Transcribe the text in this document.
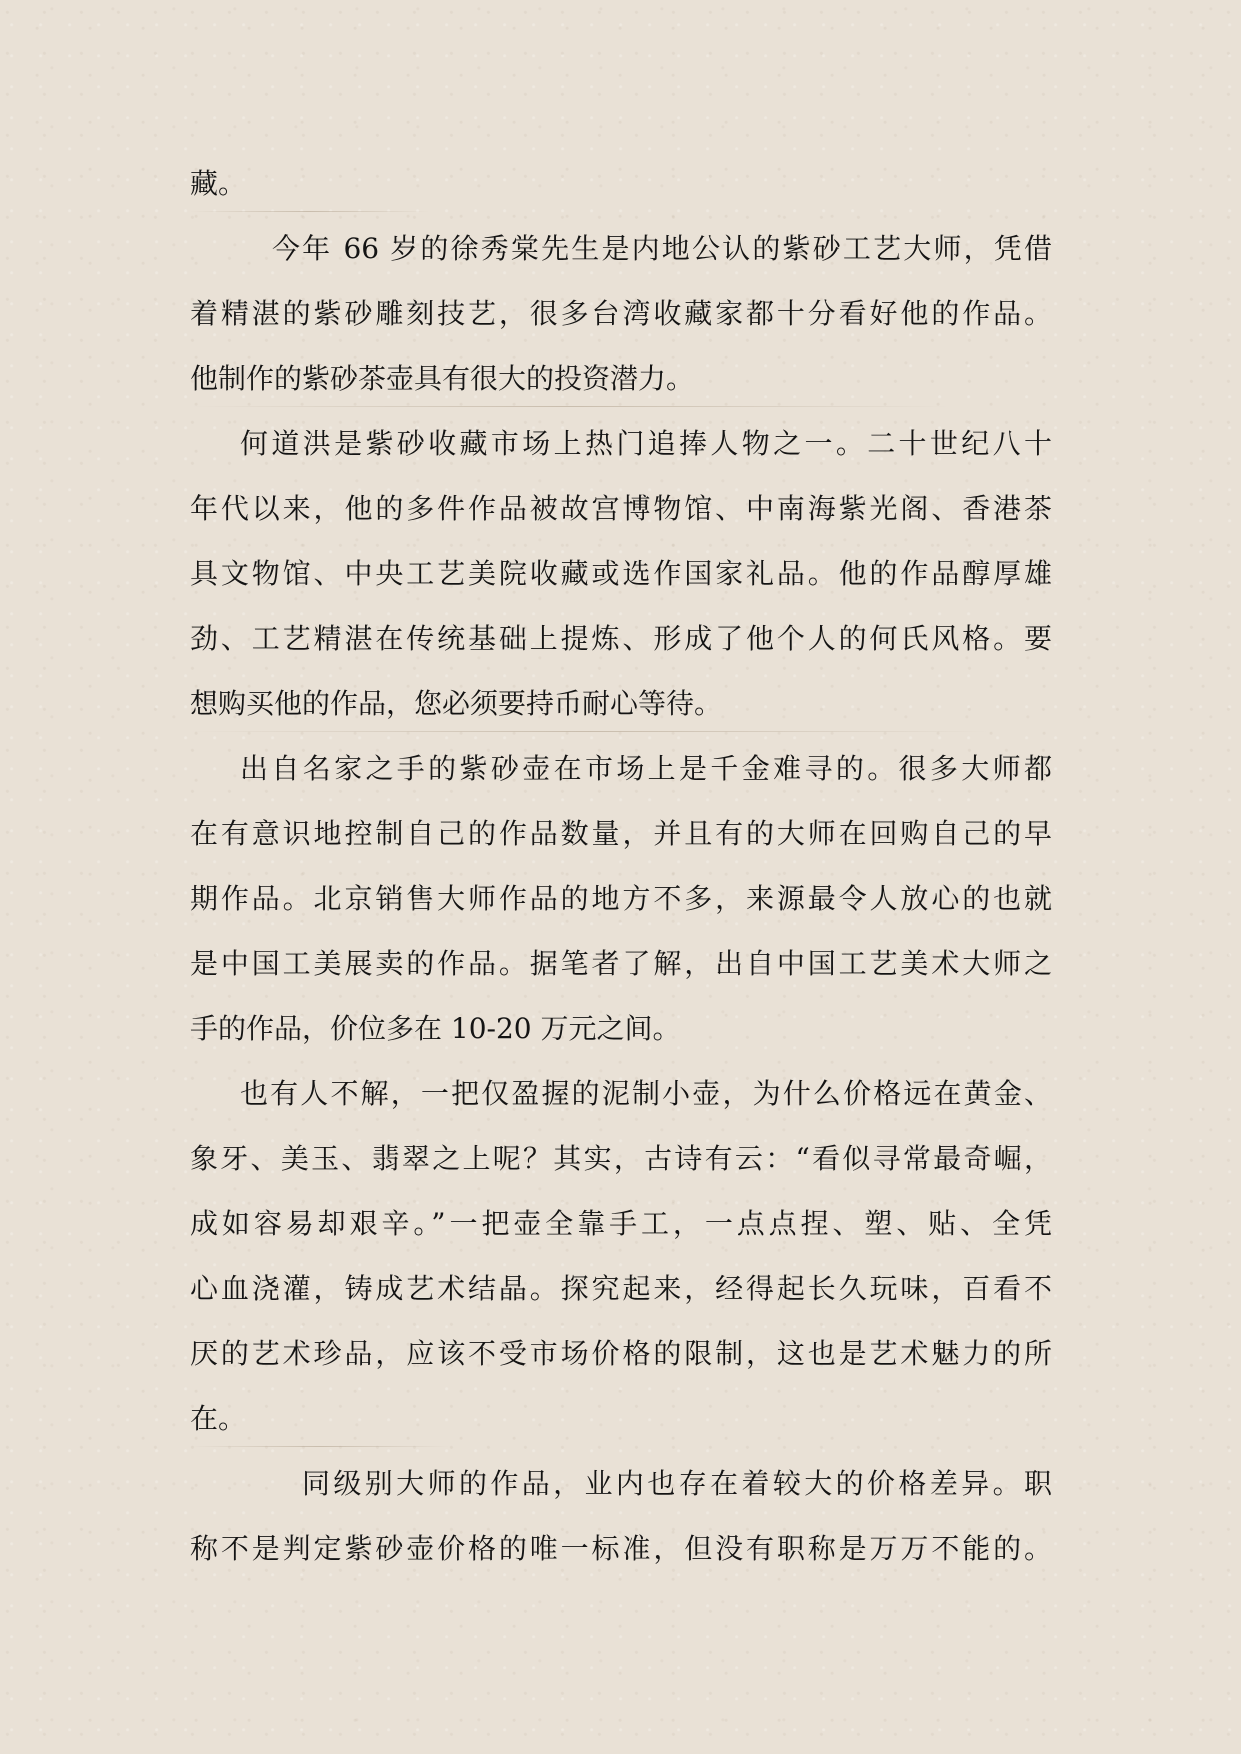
藏。
今年 66 岁的徐秀棠先生是内地公认的紫砂工艺大师，凭借
着精湛的紫砂雕刻技艺，很多台湾收藏家都十分看好他的作品。
他制作的紫砂茶壶具有很大的投资潜力。
何道洪是紫砂收藏市场上热门追捧人物之一。二十世纪八十
年代以来，他的多件作品被故宫博物馆、中南海紫光阁、香港茶
具文物馆、中央工艺美院收藏或选作国家礼品。他的作品醇厚雄
劲、工艺精湛在传统基础上提炼、形成了他个人的何氏风格。要
想购买他的作品，您必须要持币耐心等待。
出自名家之手的紫砂壶在市场上是千金难寻的。很多大师都
在有意识地控制自己的作品数量，并且有的大师在回购自己的早
期作品。北京销售大师作品的地方不多，来源最令人放心的也就
是中国工美展卖的作品。据笔者了解，出自中国工艺美术大师之
手的作品，价位多在 10-20 万元之间。
也有人不解，一把仅盈握的泥制小壶，为什么价格远在黄金、
象牙、美玉、翡翠之上呢？其实，古诗有云：“看似寻常最奇崛，
成如容易却艰辛。”一把壶全靠手工，一点点捏、塑、贴、全凭
心血浇灌，铸成艺术结晶。探究起来，经得起长久玩味，百看不
厌的艺术珍品，应该不受市场价格的限制，这也是艺术魅力的所
在。
同级别大师的作品，业内也存在着较大的价格差异。职
称不是判定紫砂壶价格的唯一标准，但没有职称是万万不能的。
